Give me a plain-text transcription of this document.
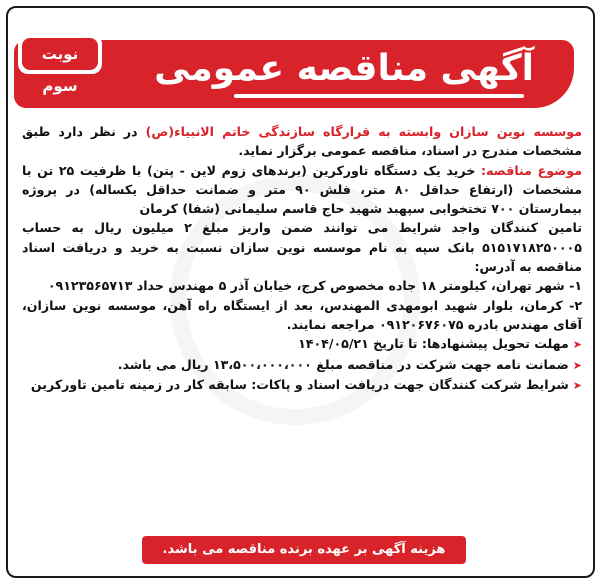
آگهی مناقصه عمومی
نوبت سوم

موسسه نوین سازان وابسته به قرارگاه سازندگی خاتم الانبیاء(ص) در نظر دارد طبق مشخصات مندرج در اسناد، مناقصه عمومی برگزار نماید.

موضوع مناقصه: خرید یک دستگاه تاورکرین (برندهای زوم لاین - پتن) با ظرفیت ۲۵ تن با مشخصات (ارتفاع حداقل ۸۰ متر، فلش ۹۰ متر و ضمانت حداقل یکساله) در پروژه بیمارستان ۷۰۰ تختخوابی سپهبد شهید حاج قاسم سلیمانی (شفا) کرمان

تامین کنندگان واجد شرایط می توانند ضمن واریز مبلغ ۲ میلیون ریال به حساب ۵۱۵۱۷۱۸۲۵۰۰۰۵ بانک سپه به نام موسسه نوین سازان نسبت به خرید و دریافت اسناد مناقصه به آدرس:

۱- شهر تهران، کیلومتر ۱۸ جاده مخصوص کرج، خیابان آذر ۵ مهندس حداد ۰۹۱۲۳۵۶۵۷۱۳

۲- کرمان، بلوار شهید ابومهدی المهندس، بعد از ایستگاه راه آهن، موسسه نوین سازان، آقای مهندس بادره ۰۹۱۲۰۶۷۶۰۷۵ مراجعه نمایند.

➤مهلت تحویل پیشنهادها: تا تاریخ ۱۴۰۴/۰۵/۲۱

➤ضمانت نامه جهت شرکت در مناقصه مبلغ ۱۳،۵۰۰،۰۰۰،۰۰۰ ریال می باشد.

➤شرایط شرکت کنندگان جهت دریافت اسناد و پاکات: سابقه کار در زمینه تامین تاورکرین

هزینه آگهی بر عهده برنده مناقصه می باشد.
